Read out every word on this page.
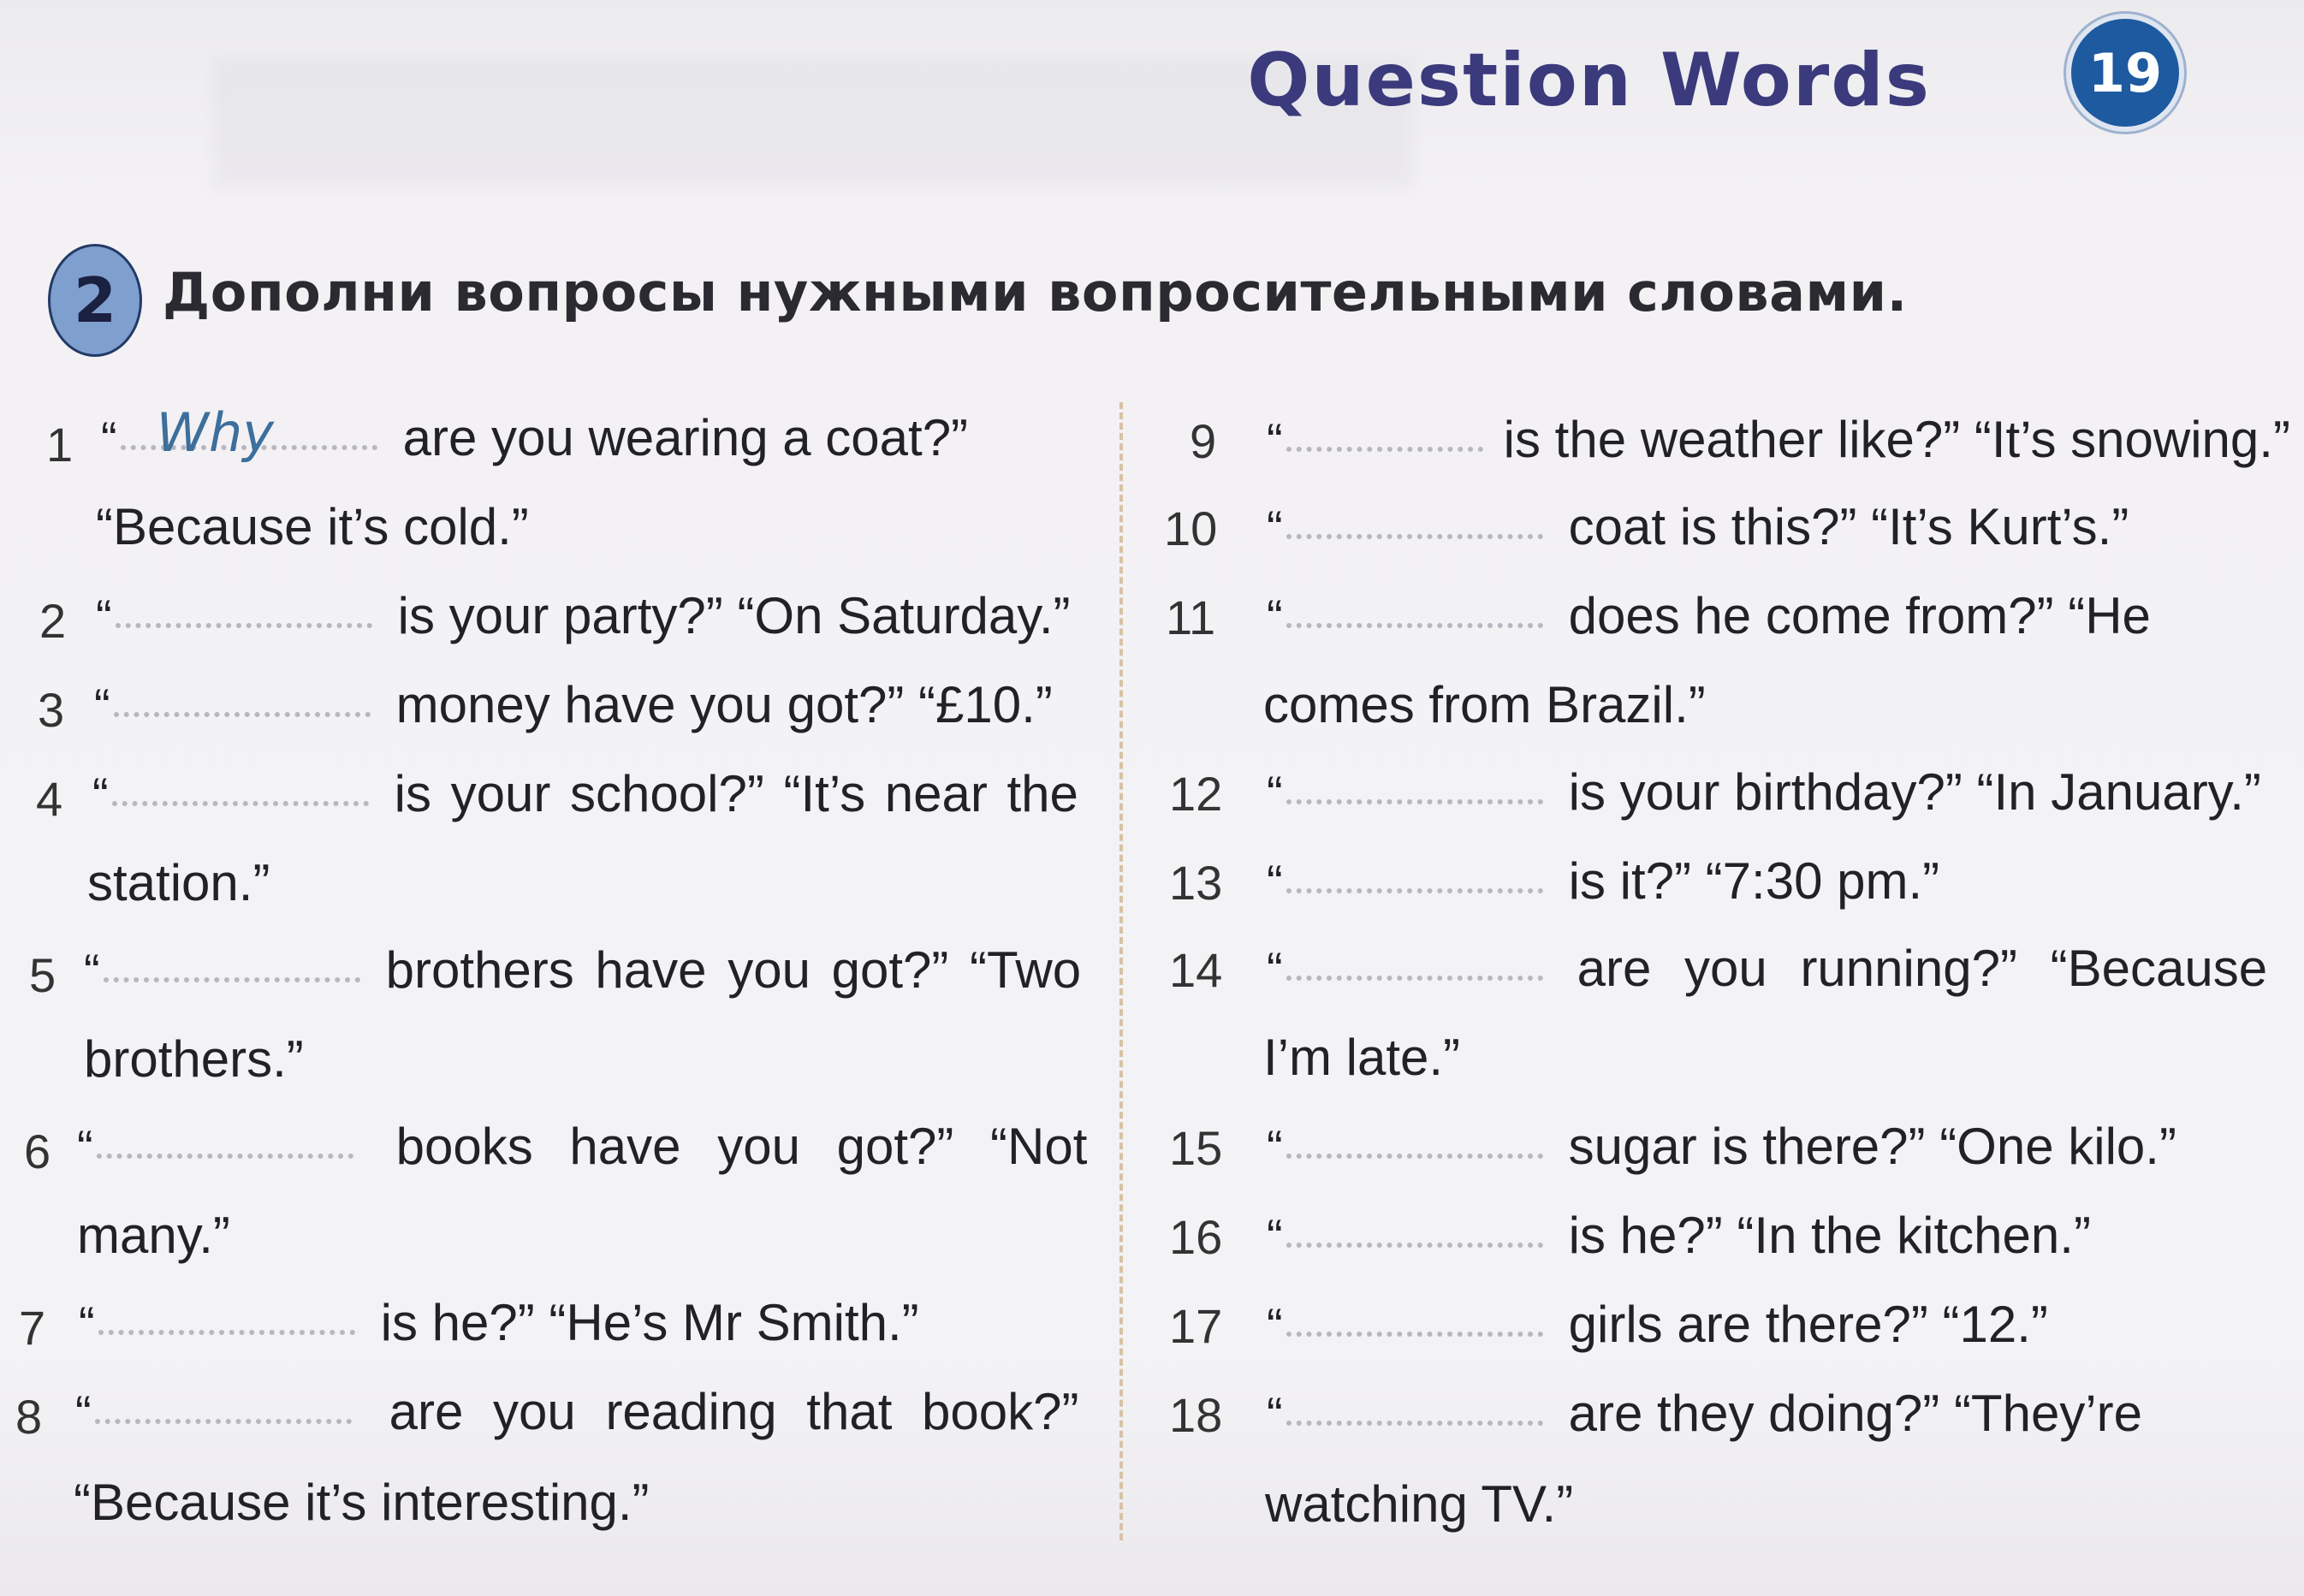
Question Words	19
2 Дополни вопросы нужными вопросительными словами.
1 “ Why	are you wearing a coat?”
“Because it’s cold.”
2 “	is your party?” “On Saturday.”
3 “	money have you got?” “£10.”
4 “	is your school?” “It’s near the
station.”
5 “	brothers have you got?” “Two
brothers.”
6 “	books have you got?” “Not
many.”
7 “	is he?” “He’s Mr Smith.”
8 “	are you reading that book?”
“Because it’s interesting.”
9 “	is the weather like?” “It’s snowing.”
10 “	coat is this?” “It’s Kurt’s.”
11 “	does he come from?” “He
comes from Brazil.”
12 “	is your birthday?” “In January.”
13 “	is it?” “7:30 pm.”
14 “	are you running?” “Because
I’m late.”
15 “	sugar is there?” “One kilo.”
16 “	is he?” “In the kitchen.”
17 “	girls are there?” “12.”
18 “	are they doing?” “They’re
watching TV.”
